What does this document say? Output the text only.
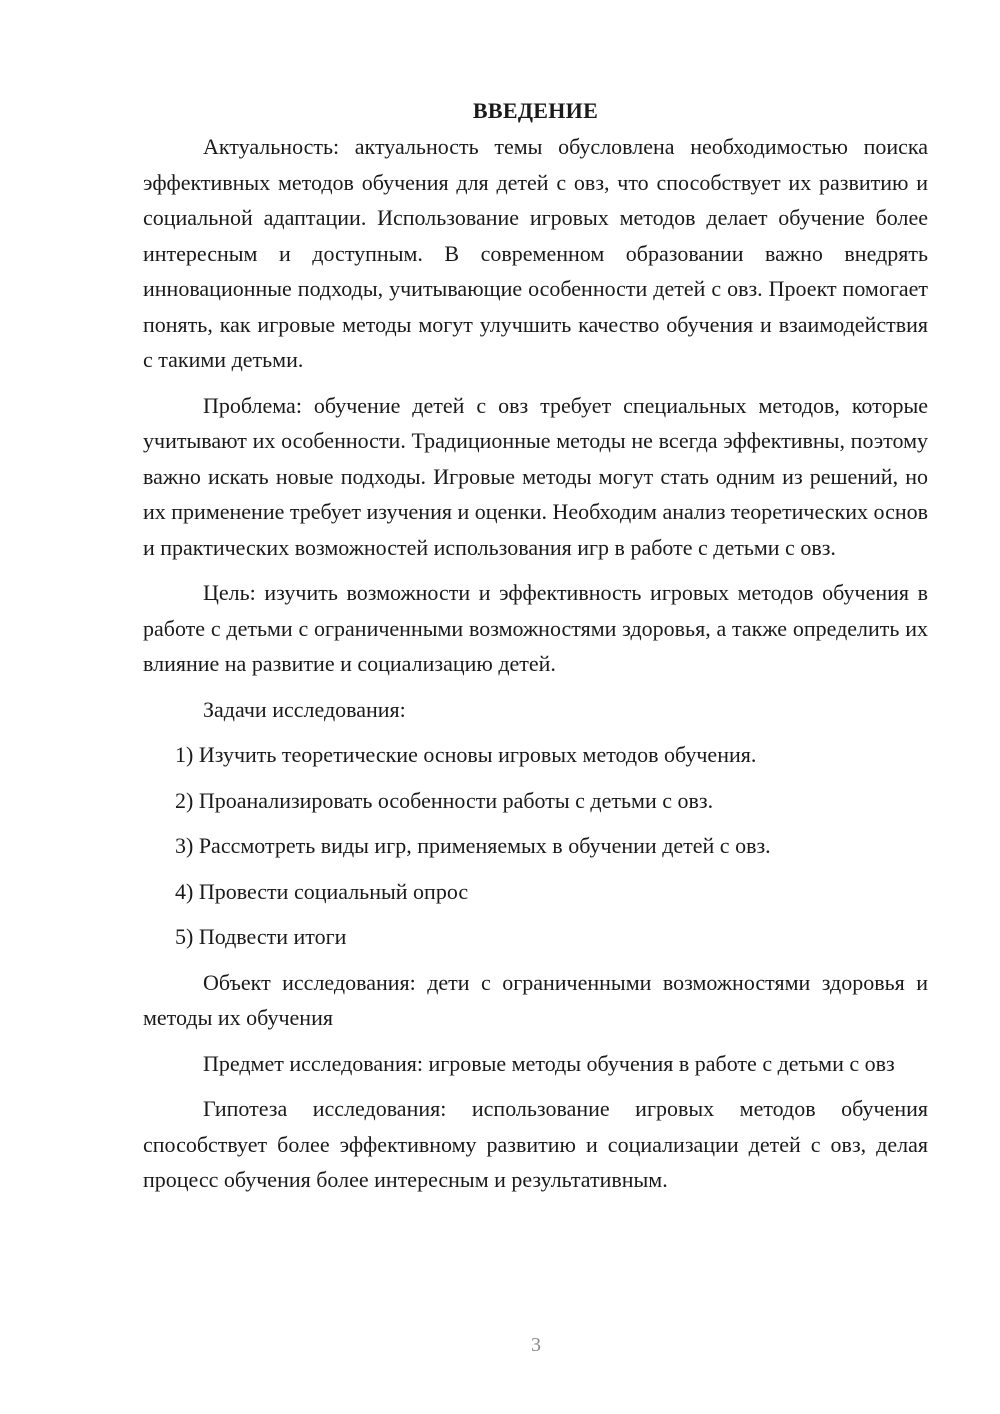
ВВЕДЕНИЕ

Актуальность: актуальность темы обусловлена необходимостью поиска эффективных методов обучения для детей с овз, что способствует их развитию и социальной адаптации. Использование игровых методов делает обучение более интересным и доступным. В современном образовании важно внедрять инновационные подходы, учитывающие особенности детей с овз. Проект помогает понять, как игровые методы могут улучшить качество обучения и взаимодействия с такими детьми.

Проблема: обучение детей с овз требует специальных методов, которые учитывают их особенности. Традиционные методы не всегда эффективны, поэтому важно искать новые подходы. Игровые методы могут стать одним из решений, но их применение требует изучения и оценки. Необходим анализ теоретических основ и практических возможностей использования игр в работе с детьми с овз.

Цель: изучить возможности и эффективность игровых методов обучения в работе с детьми с ограниченными возможностями здоровья, а также определить их влияние на развитие и социализацию детей.

Задачи исследования:

1) Изучить теоретические основы игровых методов обучения.
2) Проанализировать особенности работы с детьми с овз.
3) Рассмотреть виды игр, применяемых в обучении детей с овз.
4) Провести социальный опрос
5) Подвести итоги

Объект исследования: дети с ограниченными возможностями здоровья и методы их обучения

Предмет исследования: игровые методы обучения в работе с детьми с овз

Гипотеза исследования: использование игровых методов обучения способствует более эффективному развитию и социализации детей с овз, делая процесс обучения более интересным и результативным.

3
